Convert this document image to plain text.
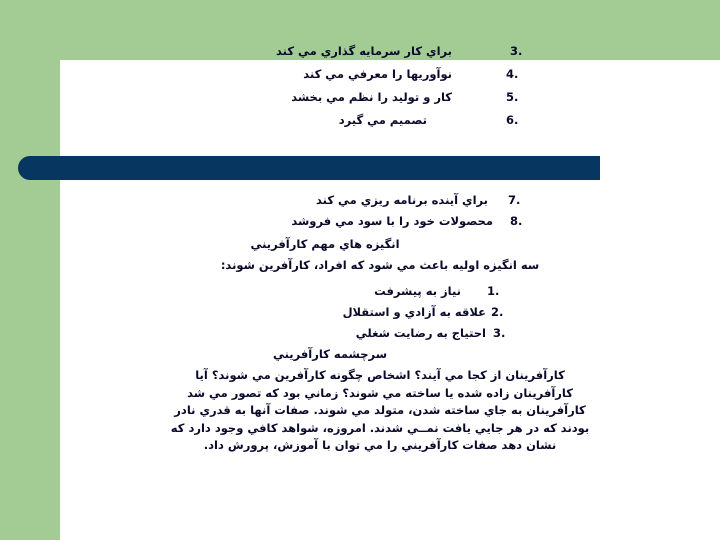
3.
براي كار سرمايه گذاري مي كند
4.
نوآوريها را معرفي مي كند
5.
كار و توليد را نظم مي بخشد
6.
تصميم مي گيرد
7.
براي آينده برنامه ريزي مي كند
8.
محصولات خود را با سود مي فروشد
انگيزه هاي مهم كارآفريني
سه انگيزه اوليه باعث مي شود كه افراد، كارآفرين شوند:
1.
نياز به پيشرفت
2.
علاقه به آزادي و استقلال
3.
احتياج به رضايت شغلي
سرچشمه كارآفريني
كارآفرينان از كجا مي آيند؟ اشخاص چگونه كارآفرين مي شوند؟ آيا
كارآفرينان زاده شده يا ساخته مي شوند؟ زماني بود كه تصور مي شد
كارآفرينان به جاي ساخته شدن، متولد مي شوند. صفات آنها به قدري نادر
بودند كه در هر جايي يافت نمــي شدند. امروزه، شواهد كافي وجود دارد كه
نشان دهد صفات كارآفريني را مي توان با آموزش، پرورش داد.
